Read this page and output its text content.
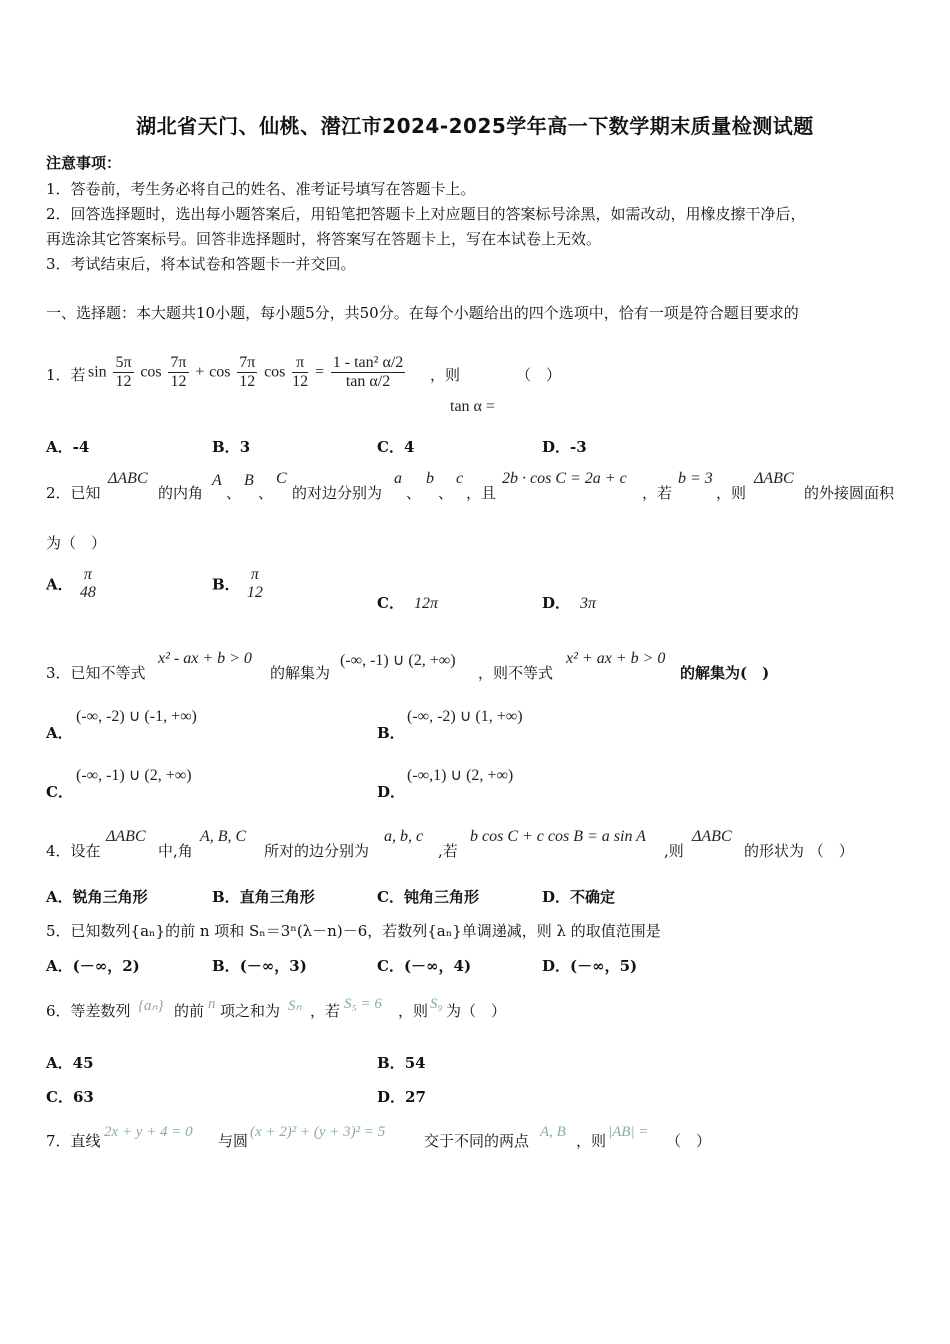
湖北省天门、仙桃、潜江市2024-2025学年高一下数学期末质量检测试题
注意事项：
1．答卷前，考生务必将自己的姓名、准考证号填写在答题卡上。
2．回答选择题时，选出每小题答案后，用铅笔把答题卡上对应题目的答案标号涂黑，如需改动，用橡皮擦干净后，
再选涂其它答案标号。回答非选择题时，将答案写在答题卡上，写在本试卷上无效。
3．考试结束后，将本试卷和答题卡一并交回。
一、选择题：本大题共10小题，每小题5分，共50分。在每个小题给出的四个选项中，恰有一项是符合题目要求的
1．若 $\sin \frac{5\pi}{12}$ $\cos \frac{7\pi}{12} + \cos \frac{7\pi}{12}$ $\cos \frac{\pi}{12} = \frac{\text{1 - tan² α/2}}{\text{tan α/2}}$ ，则	（　）
tan α =
A．-4	B．3	C．4	D．-3
2．已知
ΔABC
的内角
A
、
B
、
C
的对边分别为
a
、
b
、
c
，且
2b · cos C = 2a + c
，若
b = 3
，则
ΔABC
的外接圆面积
为（　）
A．
π
48	B．
π
12
C． 12π	D． 3π
3．已知不等式
x² - ax + b > 0
的解集为
(-∞, -1) ∪ (2, +∞)
，则不等式
x² + ax + b > 0
的解集为(　)
A．
(-∞, -2) ∪ (-1, +∞)
B．
(-∞, -2) ∪ (1, +∞)
C．
(-∞, -1) ∪ (2, +∞)
D．
(-∞,1) ∪ (2, +∞)
4．设在
ΔABC
中,角
A, B, C
所对的边分别为
a, b, c
,若
b cos C + c cos B = a sin A
,则
ΔABC
的形状为 （　）
A．锐角三角形	B．直角三角形	C．钝角三角形	D．不确定
5．已知数列{aₙ}的前 n 项和 Sₙ＝3ⁿ(λ－n)－6，若数列{aₙ}单调递减，则 λ 的取值范围是
A．(－∞，2)	B．(－∞，3)	C．(－∞，4)	D．(－∞，5)
6．等差数列 {aₙ} 的前 n 项之和为 Sₙ ，若 S₅ = 6 ，则 S₉ 为（　）
A．45	B．54
C．63	D．27
7．直线 2x + y + 4 = 0 与圆 (x + 2)² + (y + 3)² = 5	交于不同的两点 A, B ，则 |AB| = （　）
